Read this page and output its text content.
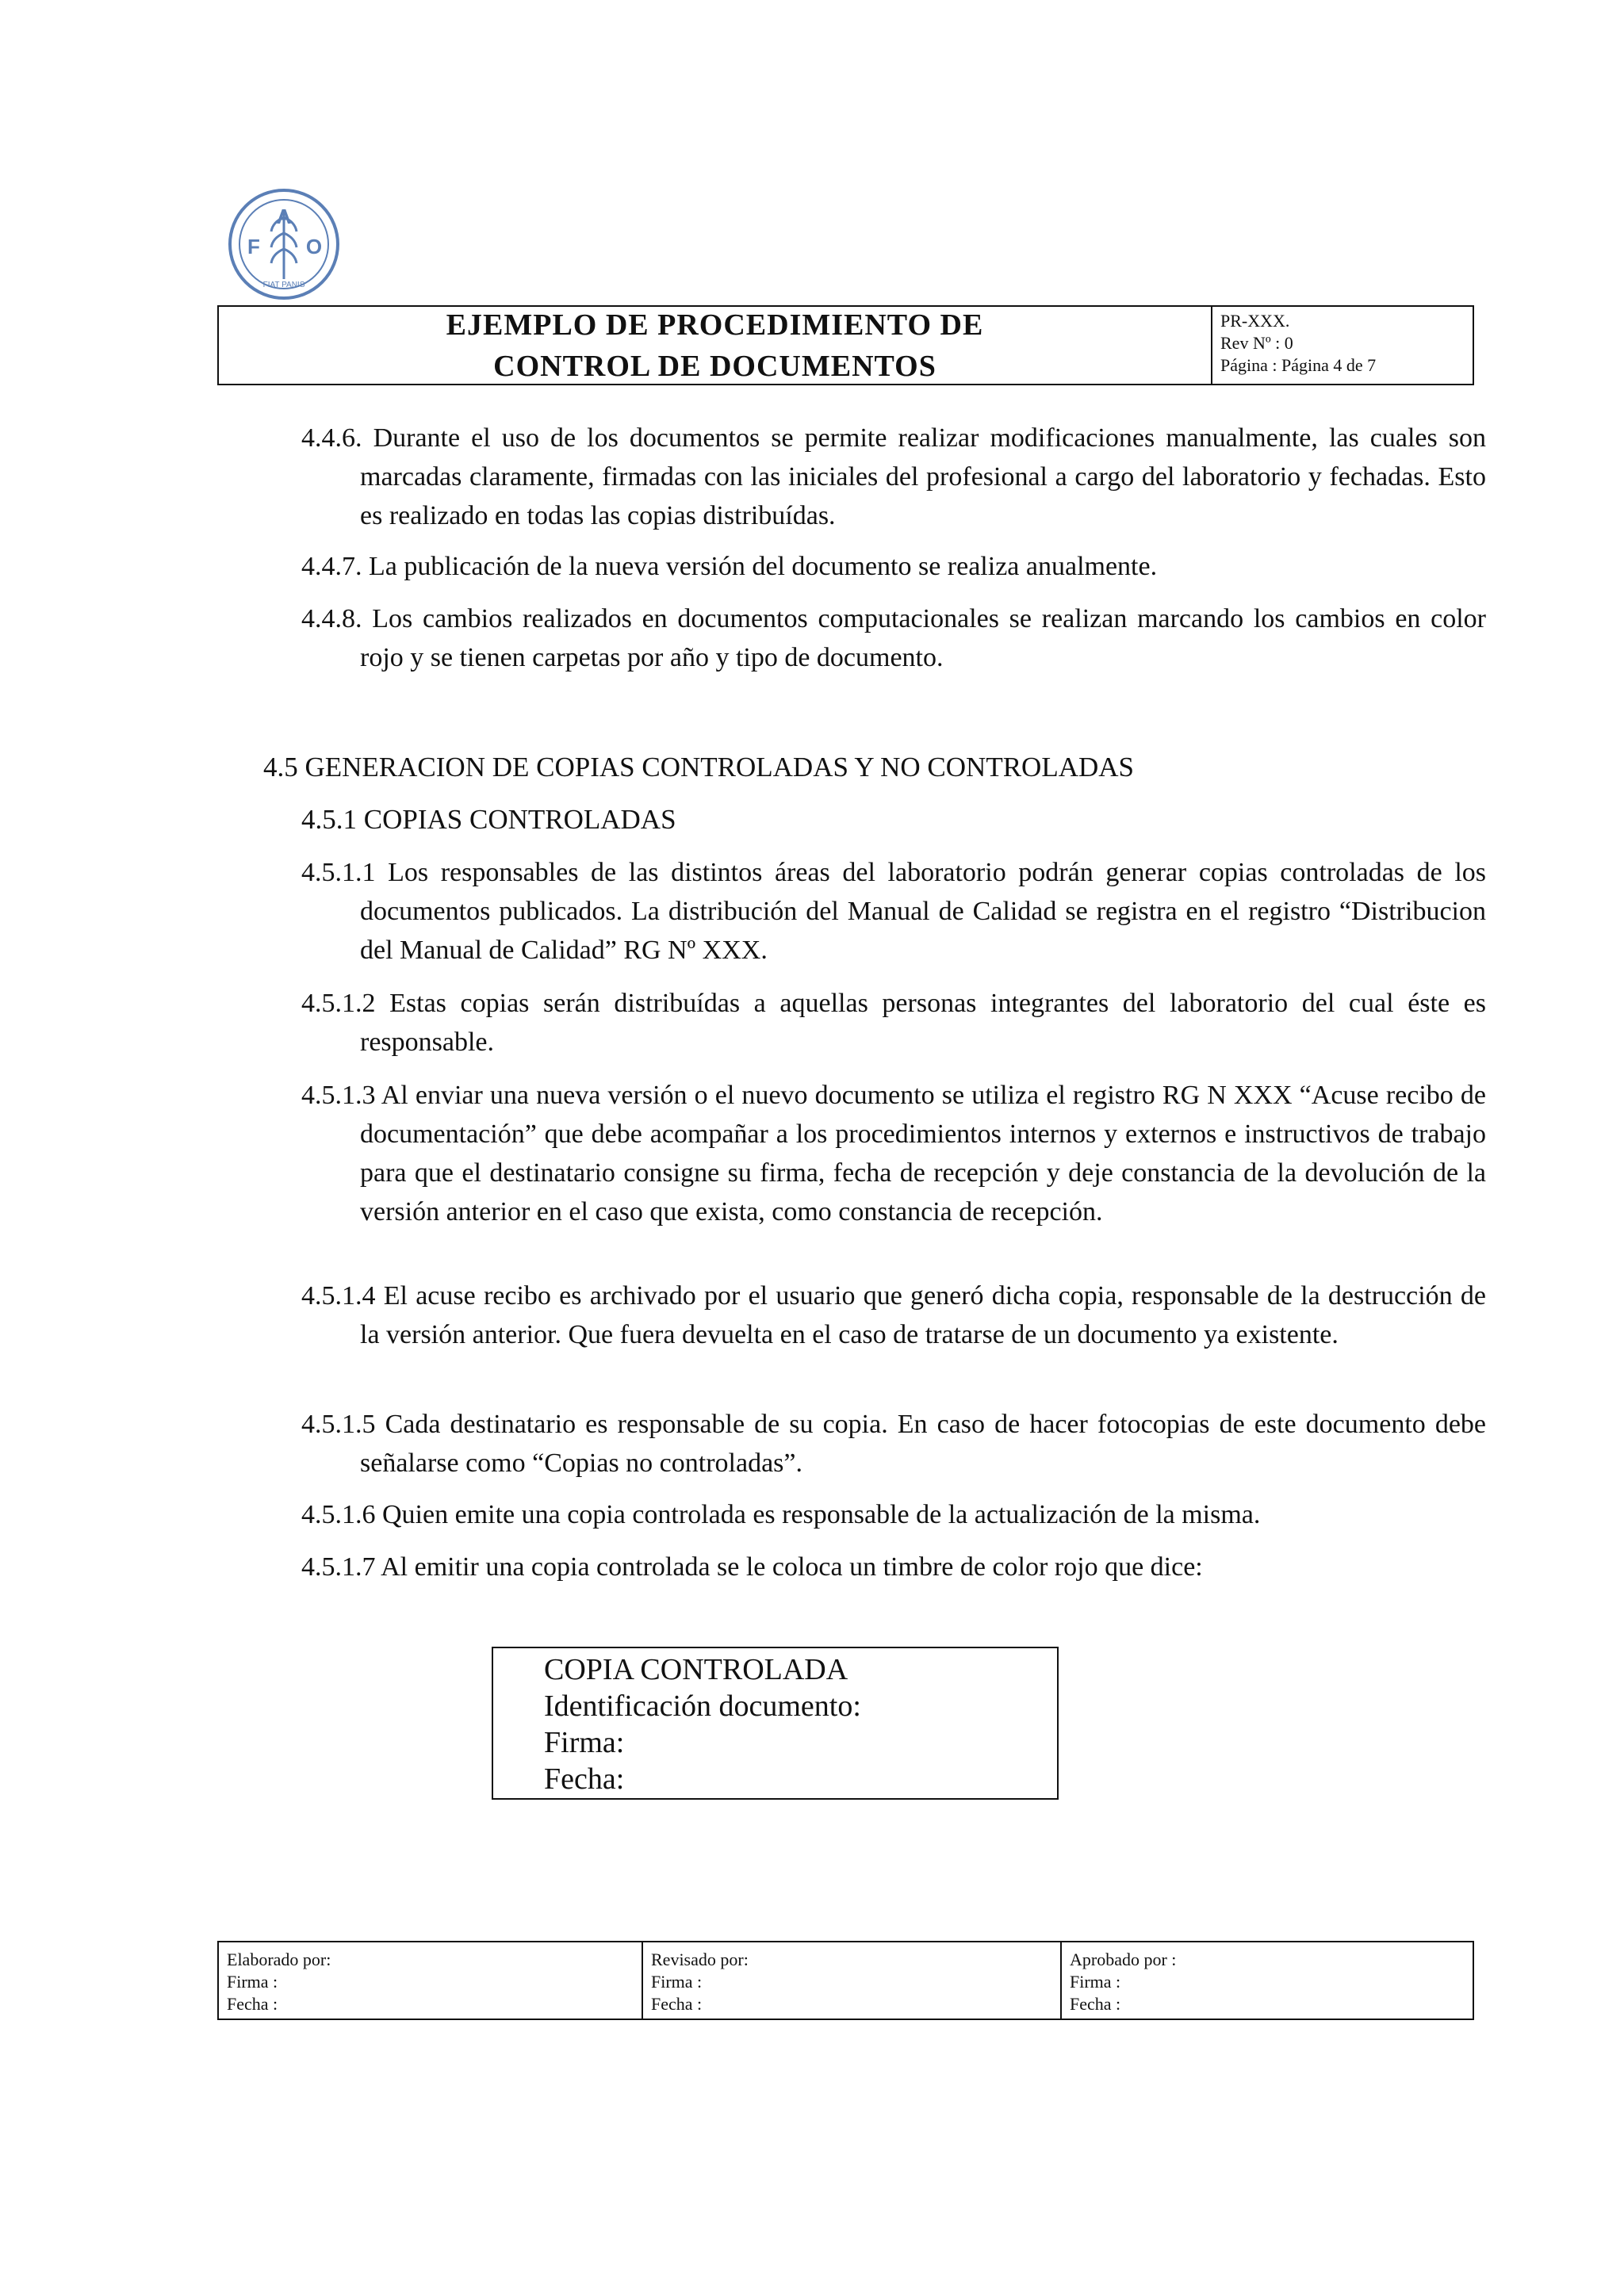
A
F O
FIAT PANIS
EJEMPLO DE PROCEDIMIENTO DE
CONTROL DE DOCUMENTOS
PR-XXX.
Rev Nº : 0
Página : Página 4 de 7
4.4.6. Durante el uso de los documentos se permite realizar modificaciones manualmente, las cuales son marcadas claramente, firmadas con las iniciales del profesional a cargo del laboratorio y fechadas. Esto es realizado en todas las copias distribuídas.
4.4.7. La publicación de la nueva versión del documento se realiza anualmente.
4.4.8. Los cambios realizados en documentos computacionales se realizan marcando los cambios en color rojo y se tienen carpetas por año y tipo de documento.
4.5 GENERACION DE COPIAS CONTROLADAS Y NO CONTROLADAS
4.5.1 COPIAS CONTROLADAS
4.5.1.1 Los responsables de las distintos áreas del laboratorio podrán generar copias controladas de los documentos publicados. La distribución del Manual de Calidad se registra en el registro “Distribucion del Manual de Calidad” RG Nº XXX.
4.5.1.2 Estas copias serán distribuídas a aquellas personas integrantes del laboratorio del cual éste es responsable.
4.5.1.3 Al enviar una nueva versión o el nuevo documento se utiliza el registro RG N XXX “Acuse recibo de documentación” que debe acompañar a los procedimientos internos y externos e instructivos de trabajo para que el destinatario consigne su firma, fecha de recepción y deje constancia de la devolución de la versión anterior en el caso que exista, como constancia de recepción.
4.5.1.4 El acuse recibo es archivado por el usuario que generó dicha copia, responsable de la destrucción de la versión anterior. Que fuera devuelta en el caso de tratarse de un documento ya existente.
4.5.1.5 Cada destinatario es responsable de su copia. En caso de hacer fotocopias de este documento debe señalarse como “Copias no controladas”.
4.5.1.6 Quien emite una copia controlada es responsable de la actualización de la misma.
4.5.1.7 Al emitir una copia controlada se le coloca un timbre de color rojo que dice:
COPIA CONTROLADA
Identificación documento:
Firma:
Fecha:
Elaborado por:
Firma :
Fecha :
Revisado por:
Firma :
Fecha :
Aprobado por :
Firma :
Fecha :
